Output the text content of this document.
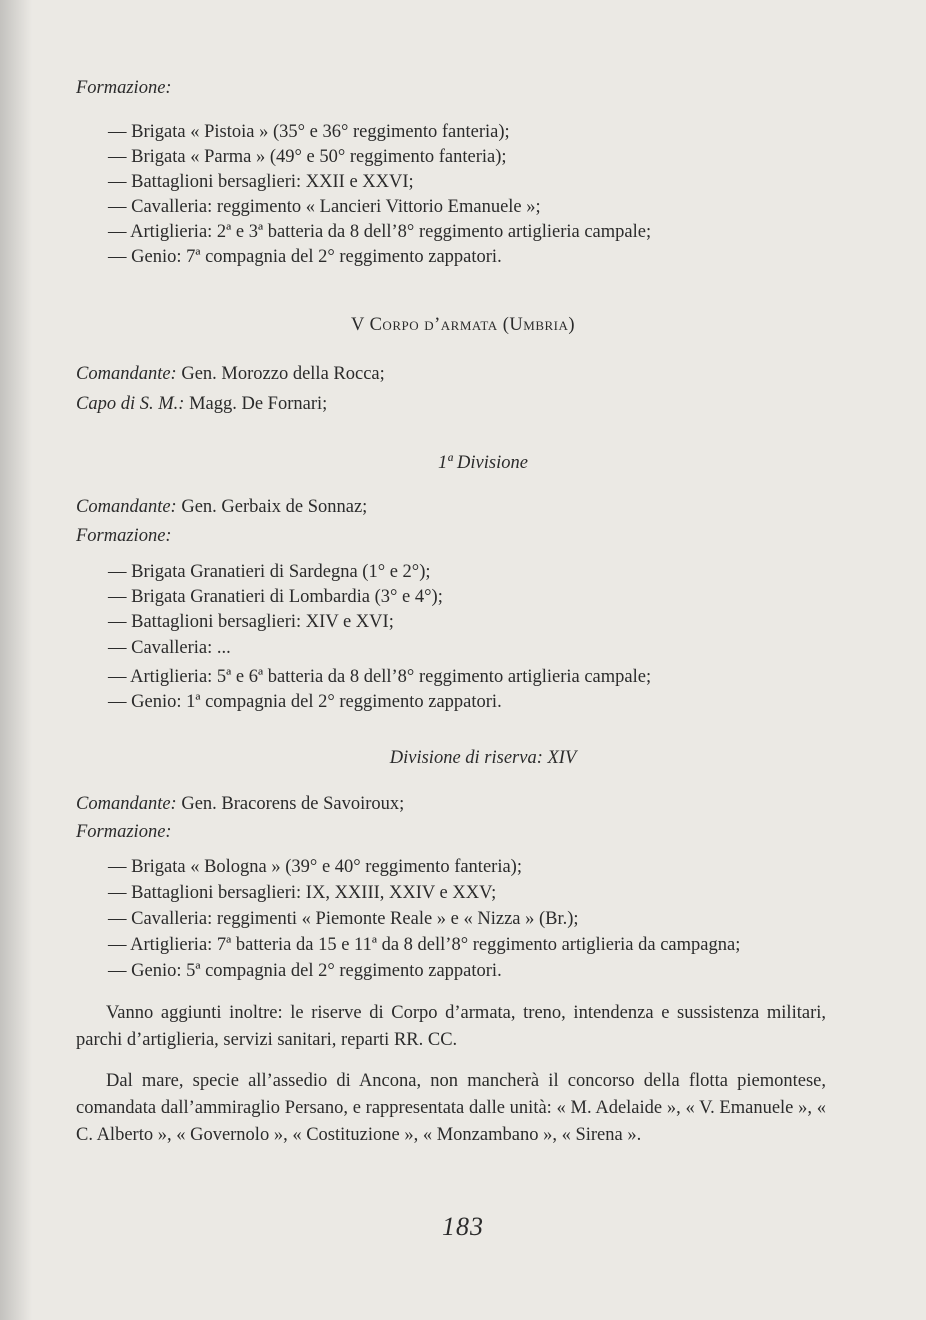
Formazione:
— Brigata « Pistoia » (35° e 36° reggimento fanteria);
— Brigata « Parma » (49° e 50° reggimento fanteria);
— Battaglioni bersaglieri: XXII e XXVI;
— Cavalleria: reggimento « Lancieri Vittorio Emanuele »;
— Artiglieria: 2ª e 3ª batteria da 8 dell’8° reggimento artiglieria campale;
— Genio: 7ª compagnia del 2° reggimento zappatori.
V Corpo d’armata (Umbria)
Comandante: Gen. Morozzo della Rocca;
Capo di S. M.: Magg. De Fornari;
1ª Divisione
Comandante: Gen. Gerbaix de Sonnaz;
Formazione:
— Brigata Granatieri di Sardegna (1° e 2°);
— Brigata Granatieri di Lombardia (3° e 4°);
— Battaglioni bersaglieri: XIV e XVI;
— Cavalleria: ...
— Artiglieria: 5ª e 6ª batteria da 8 dell’8° reggimento artiglieria campale;
— Genio: 1ª compagnia del 2° reggimento zappatori.
Divisione di riserva: XIV
Comandante: Gen. Bracorens de Savoiroux;
Formazione:
— Brigata « Bologna » (39° e 40° reggimento fanteria);
— Battaglioni bersaglieri: IX, XXIII, XXIV e XXV;
— Cavalleria: reggimenti « Piemonte Reale » e « Nizza » (Br.);
— Artiglieria: 7ª batteria da 15 e 11ª da 8 dell’8° reggimento artiglieria da campagna;
— Genio: 5ª compagnia del 2° reggimento zappatori.

Vanno aggiunti inoltre: le riserve di Corpo d’armata, treno, intendenza e sussistenza militari, parchi d’artiglieria, servizi sanitari, reparti RR. CC.

Dal mare, specie all’assedio di Ancona, non mancherà il concorso della flotta piemontese, comandata dall’ammiraglio Persano, e rappresentata dalle unità: « M. Adelaide », « V. Emanuele », « C. Alberto », « Governolo », « Costituzione », « Monzambano », « Sirena ».

183
